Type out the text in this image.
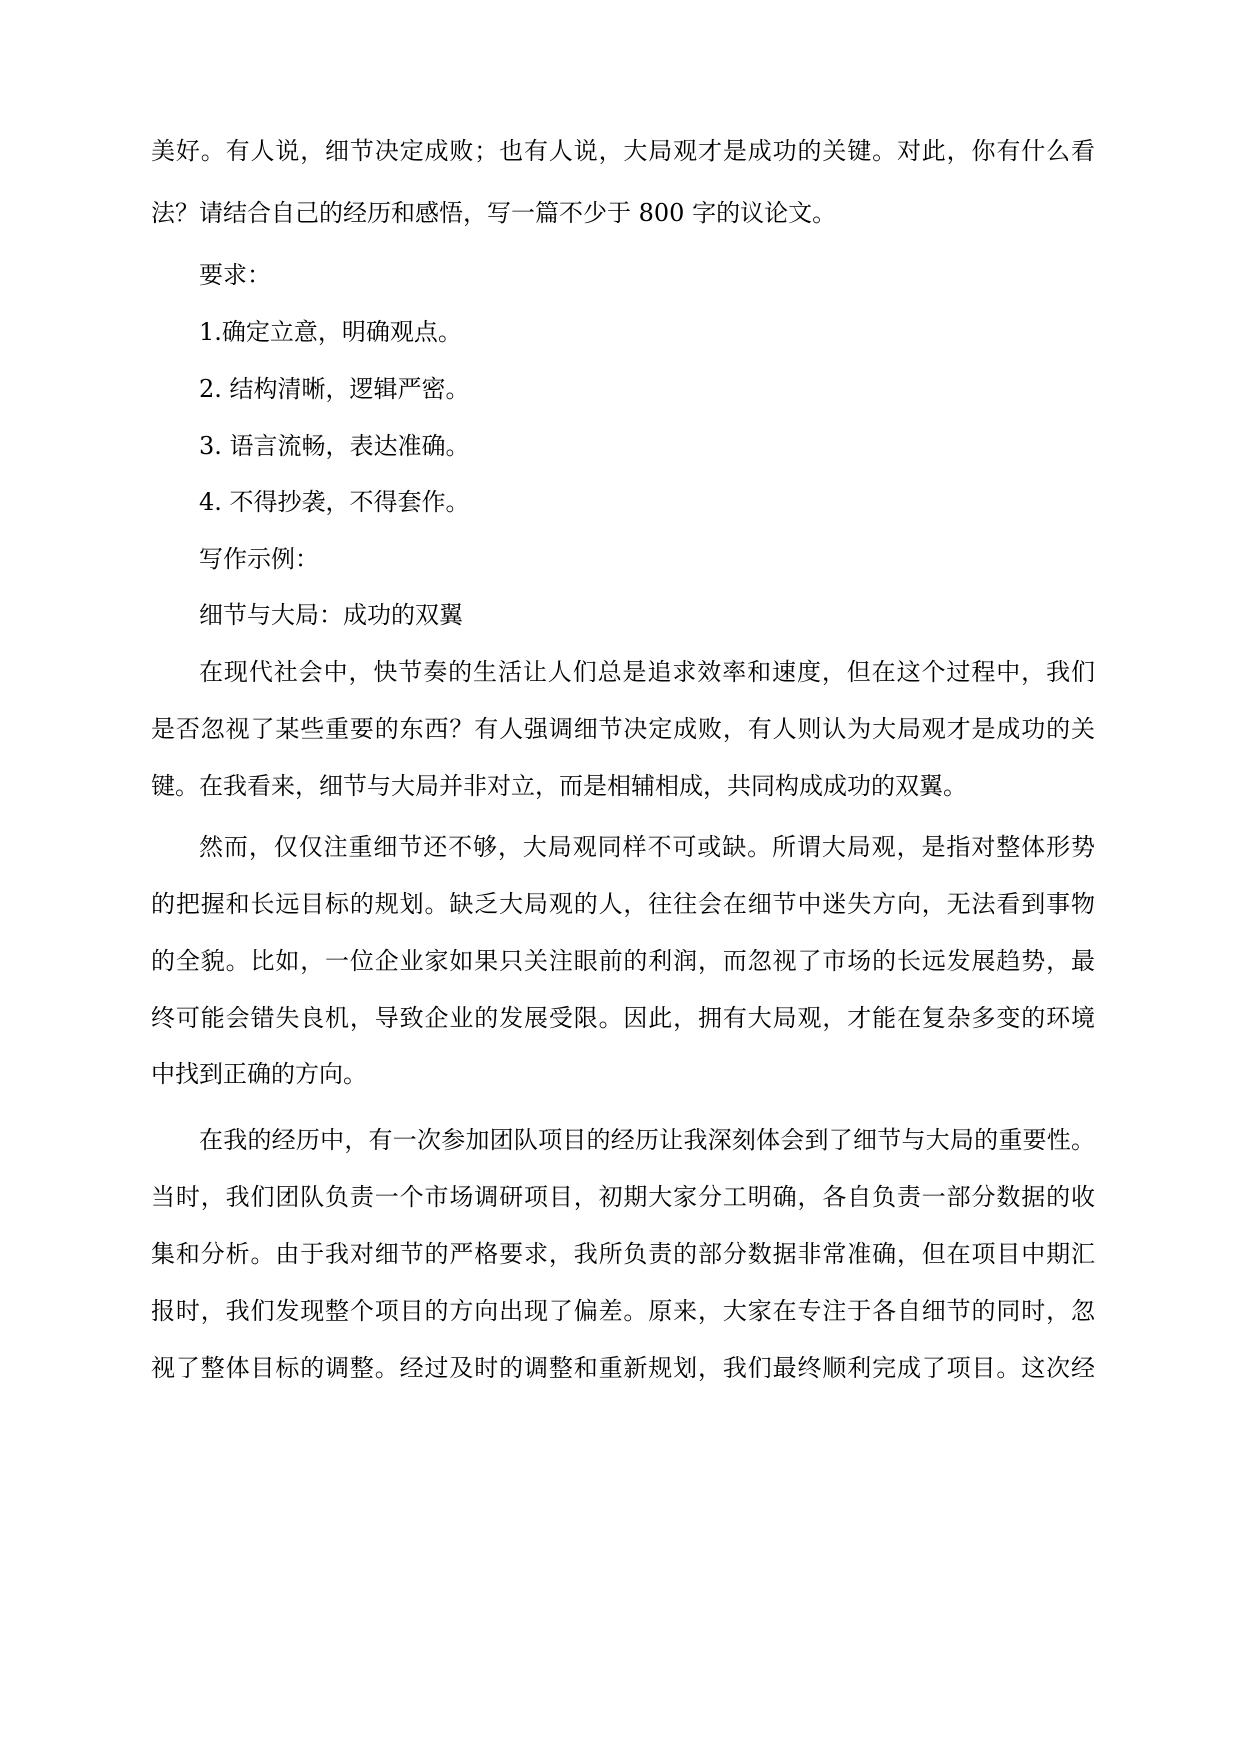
美好。有人说，细节决定成败；也有人说，大局观才是成功的关键。对此，你有什么看
法？请结合自己的经历和感悟，写一篇不少于 800 字的议论文。
要求：
1.确定立意，明确观点。
2. 结构清晰，逻辑严密。
3. 语言流畅，表达准确。
4. 不得抄袭，不得套作。
写作示例：
细节与大局：成功的双翼
在现代社会中，快节奏的生活让人们总是追求效率和速度，但在这个过程中，我们
是否忽视了某些重要的东西？有人强调细节决定成败，有人则认为大局观才是成功的关
键。在我看来，细节与大局并非对立，而是相辅相成，共同构成成功的双翼。
然而，仅仅注重细节还不够，大局观同样不可或缺。所谓大局观，是指对整体形势
的把握和长远目标的规划。缺乏大局观的人，往往会在细节中迷失方向，无法看到事物
的全貌。比如，一位企业家如果只关注眼前的利润，而忽视了市场的长远发展趋势，最
终可能会错失良机，导致企业的发展受限。因此，拥有大局观，才能在复杂多变的环境
中找到正确的方向。
在我的经历中，有一次参加团队项目的经历让我深刻体会到了细节与大局的重要性。
当时，我们团队负责一个市场调研项目，初期大家分工明确，各自负责一部分数据的收
集和分析。由于我对细节的严格要求，我所负责的部分数据非常准确，但在项目中期汇
报时，我们发现整个项目的方向出现了偏差。原来，大家在专注于各自细节的同时，忽
视了整体目标的调整。经过及时的调整和重新规划，我们最终顺利完成了项目。这次经
